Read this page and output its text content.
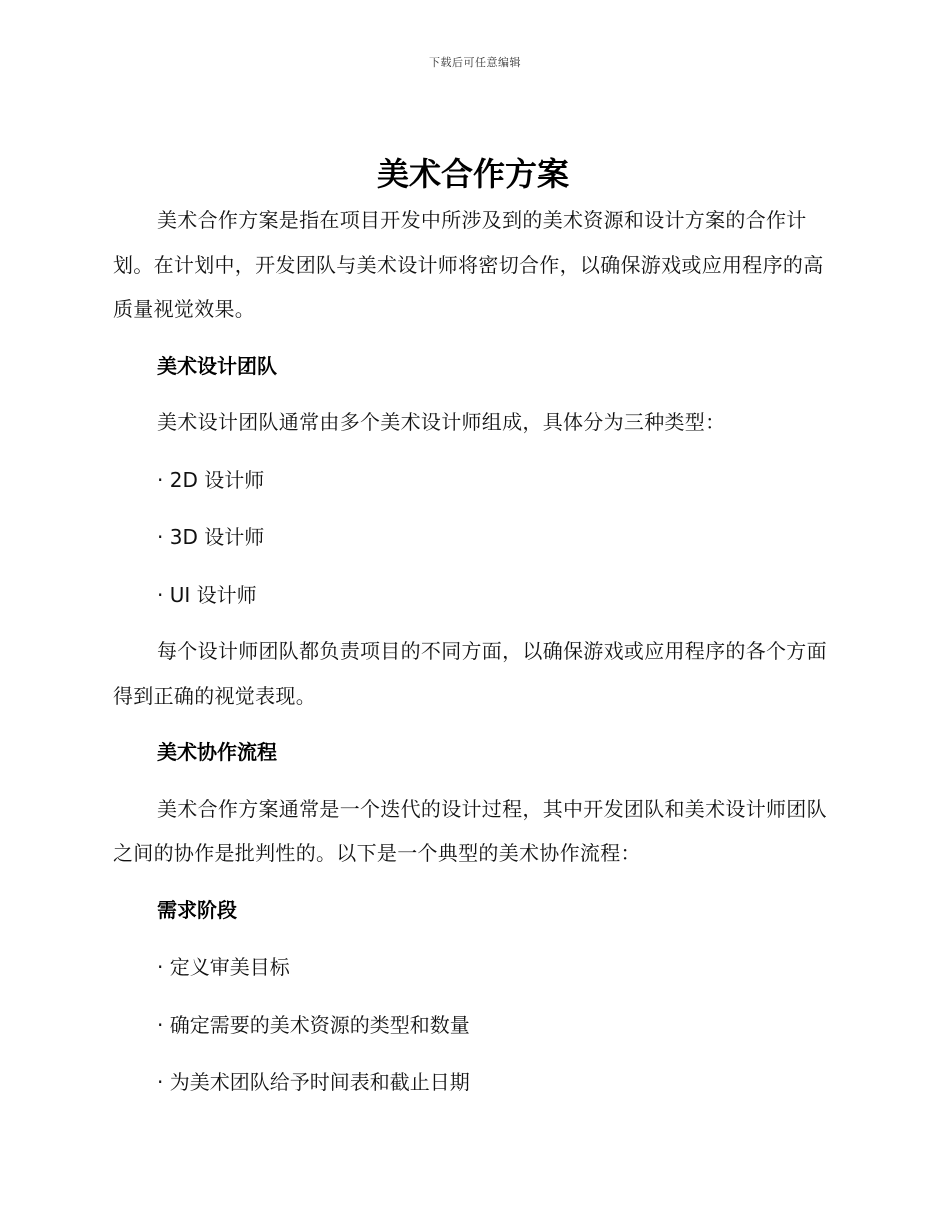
下载后可任意编辑
美术合作方案

美术合作方案是指在项目开发中所涉及到的美术资源和设计方案的合作计划。在计划中，开发团队与美术设计师将密切合作，以确保游戏或应用程序的高质量视觉效果。

美术设计团队

美术设计团队通常由多个美术设计师组成，具体分为三种类型：

· 2D 设计师
· 3D 设计师
· UI 设计师

每个设计师团队都负责项目的不同方面，以确保游戏或应用程序的各个方面得到正确的视觉表现。

美术协作流程

美术合作方案通常是一个迭代的设计过程，其中开发团队和美术设计师团队之间的协作是批判性的。以下是一个典型的美术协作流程：

需求阶段
· 定义审美目标
· 确定需要的美术资源的类型和数量
· 为美术团队给予时间表和截止日期
